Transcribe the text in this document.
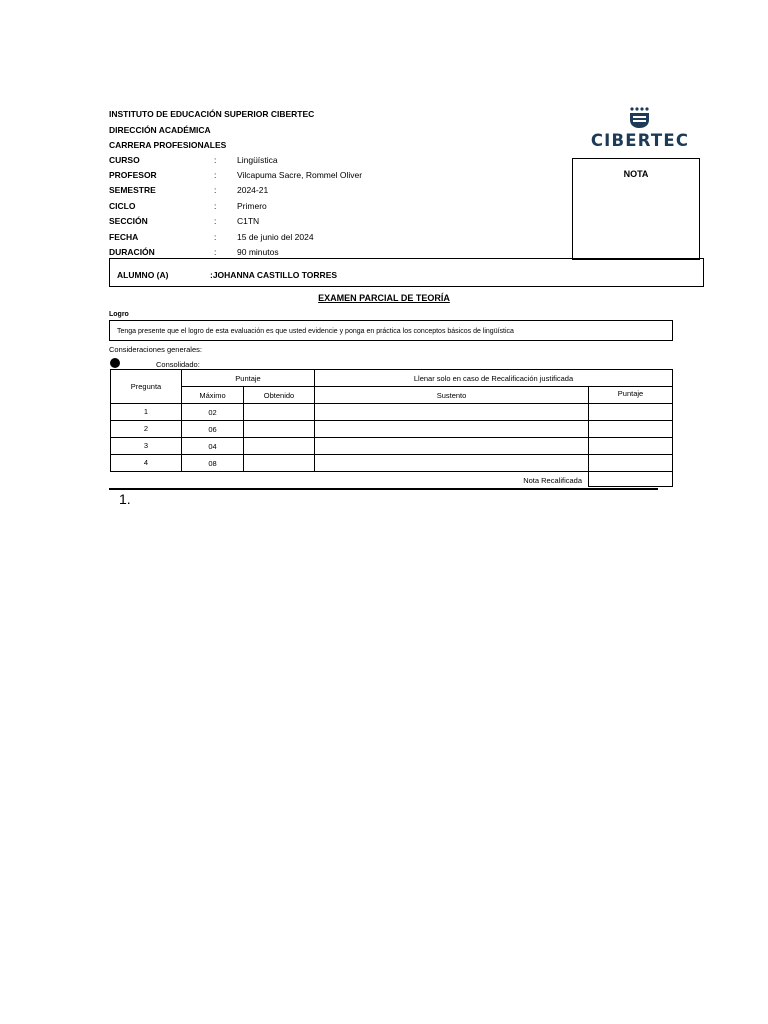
INSTITUTO DE EDUCACIÓN SUPERIOR CIBERTEC
DIRECCIÓN ACADÉMICA
CARRERA PROFESIONALES	CIBERTEC
CURSO	: Lingüística
PROFESOR	: Vilcapuma Sacre, Rommel Oliver
SEMESTRE	: 2024-21
CICLO	: Primero
SECCIÓN	: C1TN
FECHA	: 15 de junio del 2024
DURACIÓN	: 90 minutos
NOTA
ALUMNO (A)	:JOHANNA CASTILLO TORRES
EXAMEN PARCIAL DE TEORÍA
Logro
Tenga presente que el logro de esta evaluación es que usted evidencie y ponga en práctica los conceptos básicos de lingüística
Consideraciones generales:
Consolidado:
Pregunta	Puntaje		Llenar solo en caso de Recalificación justificada	
	Máximo	Obtenido	Sustento	Puntaje
1	02			
2	06			
3	04			
4	08			
Nota Recalificada				
1.
